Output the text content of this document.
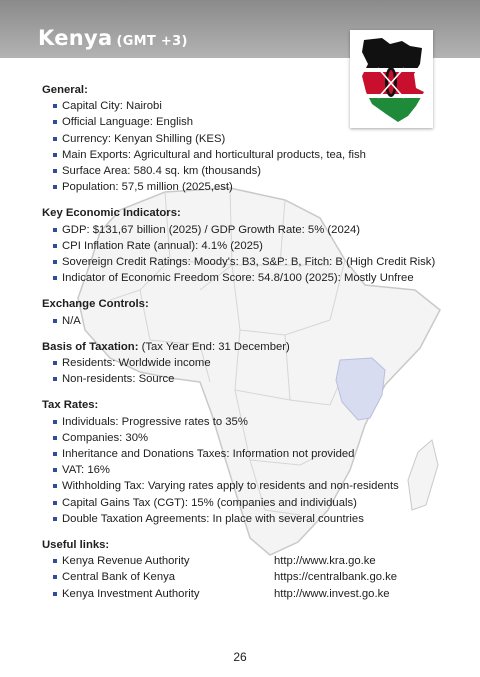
Kenya (GMT +3)

General:

Capital City: Nairobi
Official Language: English
Currency: Kenyan Shilling (KES)
Main Exports: Agricultural and horticultural products, tea, fish
Surface Area: 580.4 sq. km (thousands)
Population: 57,5 million (2025,est)

Key Economic Indicators:

GDP: $131,67 billion (2025) / GDP Growth Rate: 5% (2024)
CPI Inflation Rate (annual): 4.1% (2025)
Sovereign Credit Ratings: Moody's: B3, S&P: B, Fitch: B (High Credit Risk)
Indicator of Economic Freedom Score: 54.8/100 (2025): Mostly Unfree

Exchange Controls:

N/A

Basis of Taxation: (Tax Year End: 31 December)

Residents: Worldwide income
Non-residents: Source

Tax Rates:

Individuals: Progressive rates to 35%
Companies: 30%
Inheritance and Donations Taxes: Information not provided
VAT: 16%
Withholding Tax: Varying rates apply to residents and non-residents
Capital Gains Tax (CGT): 15% (companies and individuals)
Double Taxation Agreements: In place with several countries

Useful links:

Kenya Revenue Authority	http://www.kra.go.ke
Central Bank of Kenya	https://centralbank.go.ke
Kenya Investment Authority	http://www.invest.go.ke
26
